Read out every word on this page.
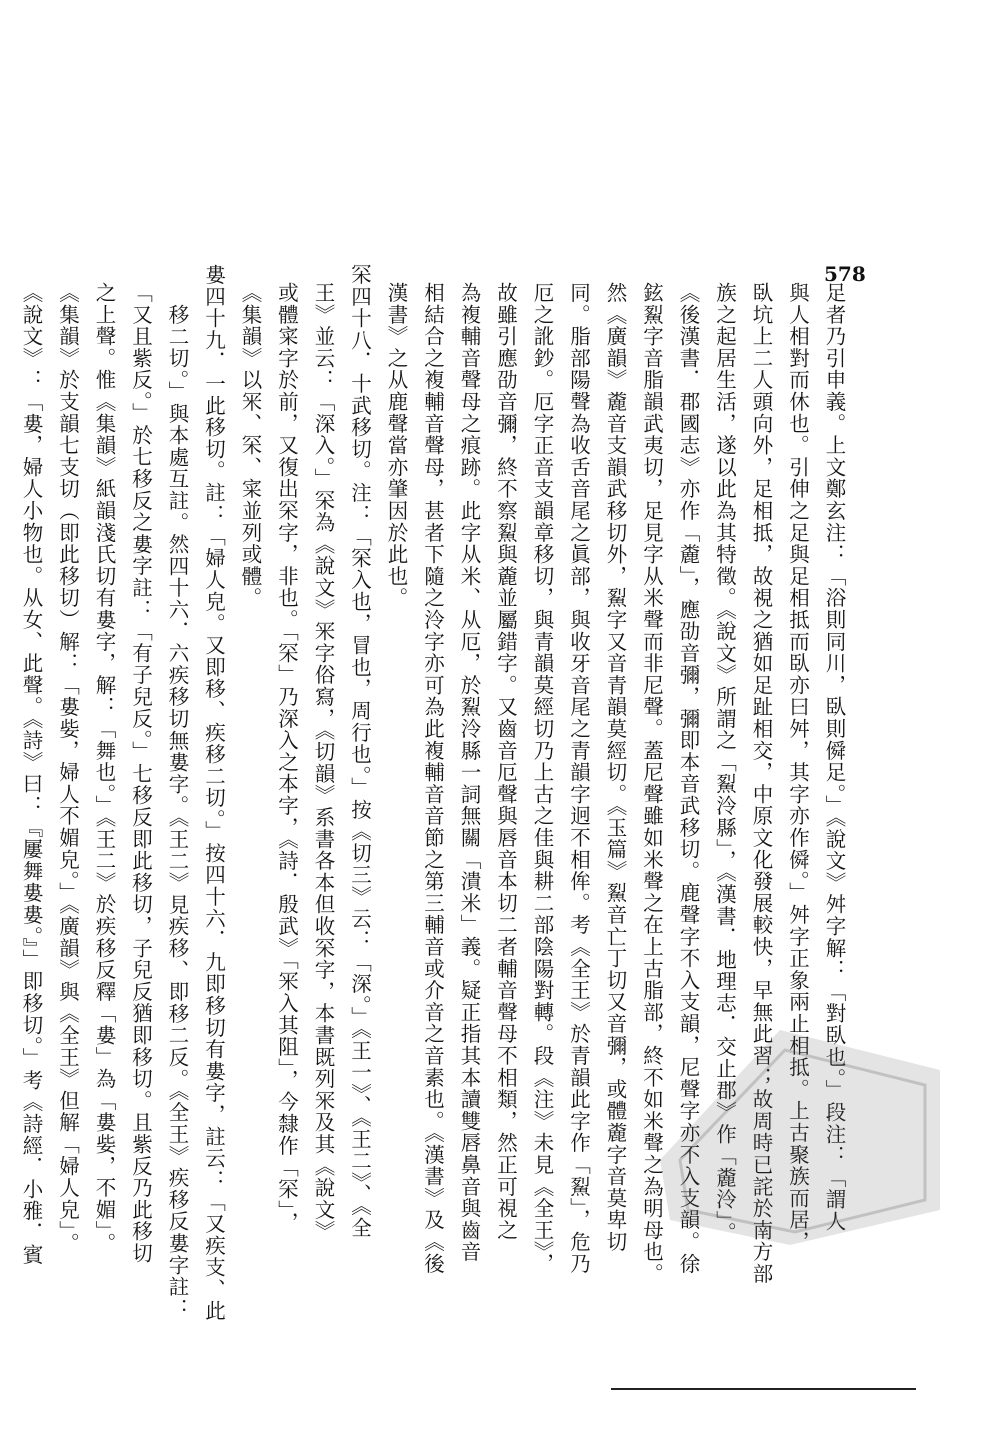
578

足者乃引申義。上文鄭玄注：「浴則同川，臥則僢足。」《說文》舛字解：「對臥也。」段注：「謂人

與人相對而休也。引伸之足與足相抵而臥亦曰舛，其字亦作僢。」舛字正象兩止相抵。上古聚族而居，

臥坑上二人頭向外，足相抵，故視之猶如足趾相交，中原文化發展較快，早無此習；故周時已詫於南方部

族之起居生活，遂以此為其特徵。《說文》所謂之「鮤泠縣」，《漢書．地理志．交止郡》作「麊泠」。

《後漢書．郡國志》亦作「麊」，應劭音彌，彌即本音武移切。鹿聲字不入支韻，尼聲字亦不入支韻。徐

鉉鮤字音脂韻武夷切，足見字从米聲而非尼聲。蓋尼聲雖如米聲之在上古脂部，終不如米聲之為明母也。

然《廣韻》麊音支韻武移切外，鮤字又音青韻莫經切。《玉篇》鮤音亡丁切又音彌，或體麊字音莫卑切

同。脂部陽聲為收舌音尾之眞部，與收牙音尾之青韻字迥不相侔。考《全王》於青韻此字作「鮤」，危乃

厄之訛鈔。厄字正音支韻章移切，與青韻莫經切乃上古之佳與耕二部陰陽對轉。段《注》未見《全王》，

故雖引應劭音彌，終不察鮤與麊並屬錯字。又齒音厄聲與唇音本切二者輔音聲母不相類，然正可視之

為複輔音聲母之痕跡。此字从米、从厄，於鮤泠縣一詞無關「潰米」義。疑正指其本讀雙唇鼻音與齒音

相結合之複輔音聲母，甚者下隨之泠字亦可為此複輔音音節之第三輔音或介音之音素也。《漢書》及《後

漢書》之从鹿聲當亦肇因於此也。

罙四十八．十武移切。注：「罙入也，冒也，周行也。」按《切三》云：「深。」《王一》、《王二》、《全

王》並云：「深入。」罙為《說文》冞字俗寫，《切韻》系書各本但收罙字，本書既列冞及其《說文》

或體寀字於前，又復出罙字，非也。「罙」乃深入之本字，《詩．殷武》「冞入其阻」，今隸作「罙」，

《集韻》以冞、罙、寀並列或體。

婁四十九．一此移切。註：「婦人皃。又即移、疾移二切。」按四十六．九即移切有婁字，註云：「又疾支、此

移二切。」與本處互註。然四十六．六疾移切無婁字。《王二》見疾移、即移二反。《全王》疾移反婁字註：

「又且紫反。」於七移反之婁字註：「有子兒反。」七移反即此移切，子兒反猶即移切。且紫反乃此移切

之上聲。惟《集韻》紙韻淺氏切有婁字，解：「舞也。」《王二》於疾移反釋「婁」為「婁姕，不媚」。

《集韻》於支韻七支切（即此移切）解：「婁姕，婦人不媚皃。」《廣韻》與《全王》但解「婦人皃」。

《說文》：「婁，婦人小物也。从女、此聲。《詩》曰：『屢舞婁婁。』」即移切。」考《詩經．小雅．賓
